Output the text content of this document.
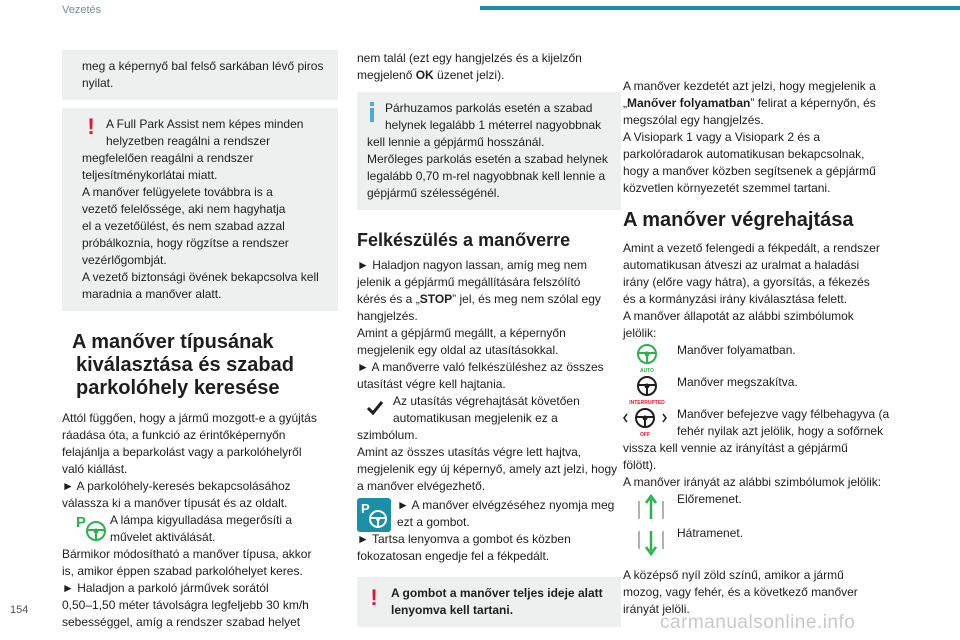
Vezetés

meg a képernyő bal felső sarkában lévő piros nyilat.

! A Full Park Assist nem képes minden
helyzetben reagálni a rendszer
megfelelően reagálni a rendszer
teljesítménykorlátai miatt.
A manőver felügyelete továbbra is a
vezető felelőssége, aki nem hagyhatja
el a vezetőülést, és nem szabad azzal
próbálkoznia, hogy rögzítse a rendszer
vezérlőgombját.
A vezető biztonsági övének bekapcsolva kell
maradnia a manőver alatt.
A manőver típusának
kiválasztása és szabad
parkolóhely keresése
Attól függően, hogy a jármű mozgott-e a gyújtás
ráadása óta, a funkció az érintőképernyőn
felajánlja a beparkolást vagy a parkolóhelyről
való kiállást.
► A parkolóhely-keresés bekapcsolásához
válassza ki a manőver típusát és az oldalt.
P A lámpa kigyulladása megerősíti a
művelet aktiválását.
Bármikor módosítható a manőver típusa, akkor
is, amikor éppen szabad parkolóhelyet keres.
► Haladjon a parkoló járművek sorától
0,50–1,50 méter távolságra legfeljebb 30 km/h
sebességgel, amíg a rendszer szabad helyet
nem talál (ezt egy hangjelzés és a kijelzőn
megjelenő OK üzenet jelzi).
Párhuzamos parkolás esetén a szabad
helynek legalább 1 méterrel nagyobbnak
kell lennie a gépjármű hosszánál.
Merőleges parkolás esetén a szabad helynek
legalább 0,70 m-rel nagyobbnak kell lennie a
gépjármű szélességénél.
Felkészülés a manőverre
► Haladjon nagyon lassan, amíg meg nem
jelenik a gépjármű megállítására felszólító
kérés és a „STOP” jel, és meg nem szólal egy
hangjelzés.
Amint a gépjármű megállt, a képernyőn
megjelenik egy oldal az utasításokkal.
► A manőverre való felkészüléshez az összes
utasítást végre kell hajtania.
Az utasítás végrehajtását követően
automatikusan megjelenik ez a
szimbólum.
Amint az összes utasítás végre lett hajtva,
megjelenik egy új képernyő, amely azt jelzi, hogy
a manőver elvégezhető.
P ► A manőver elvégzéséhez nyomja meg
ezt a gombot.
► Tartsa lenyomva a gombot és közben
fokozatosan engedje fel a fékpedált.
!	A gombot a manőver teljes ideje alatt
lenyomva kell tartani.
A manőver kezdetét azt jelzi, hogy megjelenik a
„Manőver folyamatban” felirat a képernyőn, és
megszólal egy hangjelzés.
A Visiopark 1 vagy a Visiopark 2 és a
parkolóradarok automatikusan bekapcsolnak,
hogy a manőver közben segítsenek a gépjármű
közvetlen környezetét szemmel tartani.
A manőver végrehajtása
Amint a vezető felengedi a fékpedált, a rendszer
automatikusan átveszi az uralmat a haladási
irány (előre vagy hátra), a gyorsítás, a fékezés
és a kormányzási irány kiválasztása felett.
A manőver állapotát az alábbi szimbólumok
jelölik:
AUTO
Manőver folyamatban.
INTERRUPTED
Manőver megszakítva.
OFF
Manőver befejezve vagy félbehagyva (a
fehér nyilak azt jelölik, hogy a sofőrnek
vissza kell vennie az irányítást a gépjármű
fölött).
A manőver irányát az alábbi szimbólumok jelölik:
Előremenet.
Hátramenet.
A középső nyíl zöld színű, amikor a jármű
mozog, vagy fehér, és a következő manőver
irányát jelöli.
154
carmanualsonline.info
